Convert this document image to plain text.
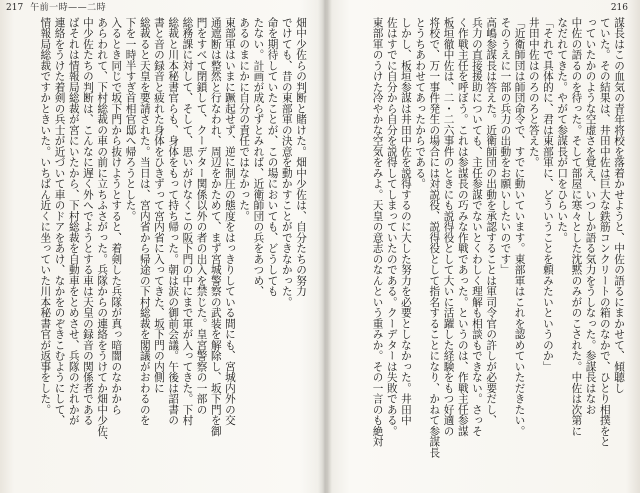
217 午前一時——二時
畑中少佐らの判断と賭けた。畑中少佐は、自分たちの努力
でけても、昔の東部軍の決意を動かすことができなかった。
命を期待していたことが、この場においても、どうしても
たない。計画が成らずとみれば、近衛師団の兵をあつめ、
あるのまにかに自分の責任ではなかった。
東部軍はいまに蹶起せず、逆に制圧の態度をはっきりしている間にも、宮城内外の交
通遮断は整然と行なわれ、周辺をかためて、まず宮城警察の武装を解除し、坂下門を御
門をすべて閉鎖して、クーデター関係以外の者の出入を禁じた。皇宮警察の一部の
総務課に対して、そして、思いがけなくこの阪下門の中にまで軍が入ってきた。下村
総裁と川本秘書官らも、身体をもって持ち帰った。朝は涙の御前会議。午後は詔書の
書と音の録音と疲れた身体をひきずって宮内省に入ってきた、坂下門の内側に
総裁ると天皇を要請された。当日は、宮内省から帰途の下村総裁を閣議がおわるのを
下を一時半すぎ首相官邸へ帰ろうとした。
入るとき同じで坂下門から抜けようとすると、着剣した兵隊が真っ暗闇のなかから
あらわれて、下村総裁の車の前に立ちふさがった。兵隊からの連絡をうけてか畑中少佐、
中少佐たちの判断は、こんなに遅く外へでようとする車は天皇の録音の関係者である
ばそれは情報局総裁が宮にいたから、下村総裁を自動車をとめさせ、兵隊のだれかが
連絡をうけた着剣の兵士が近づいて車のドアをあけ、なかをのぞきこむようにして、
情報局総裁ですかときいた。いちばん近くに坐っていた川本秘書官が返事をした。
216
謀長はこの血気の青年将校を落着かせようと、中佐の語るにまかせて、傾聴し
ていた。その結果は、井田中佐は巨大な鉄筋コンクリートの箱のなかで、ひとり相撲をと
っていたかのような空虚さを覚え、いつしか語る気力をうしなった。参謀長はなお
中佐の語るのを待った。そして部屋に寒々とした沈黙のみがのこされた。中佐は次第に
なだれてきた。やがて参謀長が口をひらいた。
「それで具体的に、君は東部軍に、どういうことを頼みたいというのか」
井田中佐はのろのろと答えた。
「近衛師団は師団命令で、すでに動いています。東部軍はこれを認めていただきたい。
そのうえに一部の兵力の出動をお願いしたいのです」
高嶋参謀長は答えた。近衛師団の出動を承認することは軍司令官の許しが必要だし、
兵力の直接援助についても、主任参謀でないとくわしく理解も相談もできない。さっそ
く作戦主任を呼ぼう。これは参謀長の巧みな作戦であった。というのは、作戦主任参謀
板垣徹中佐は、二・二六事件のときにも説得役として大いに活躍した経験をもつ好適の
将校で、万一事件発生の場合には対説役、説得役として指名することになり、かねて参謀長
とうちあわせてあったからである。
しかし、板垣参謀は井田中佐を説得するのに大した努力を必要としなかった。井田中
佐はすでに自分から自分を説得してしまっていたのである。クーデターは失敗である。
東部軍のうけた冷やかな空気をみよ。天皇の意志のなんという重みか。その一言のも絶対
